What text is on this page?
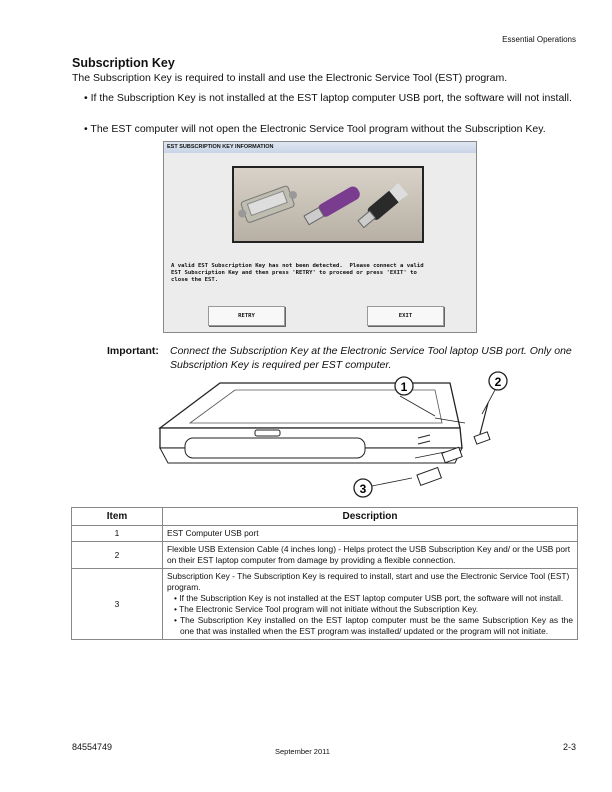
Essential Operations
Subscription Key
The Subscription Key is required to install and use the Electronic Service Tool (EST) program.
• If the Subscription Key is not installed at the EST laptop computer USB port, the software will not install.
• The EST computer will not open the Electronic Service Tool program without the Subscription Key.
EST SUBSCRIPTION KEY INFORMATION
A valid EST Subscription Key has not been detected.  Please connect a valid
EST Subscription Key and then press 'RETRY' to proceed or press 'EXIT' to
close the EST.
RETRY	EXIT
Important: Connect the Subscription Key at the Electronic Service Tool laptop USB port. Only one Subscription Key is required per EST computer.
1	2
3
Item	Description
1	EST Computer USB port
2	Flexible USB Extension Cable (4 inches long) - Helps protect the USB Subscription Key and/ or the USB port on their EST laptop computer from damage by providing a flexible connection.
3	Subscription Key - The Subscription Key is required to install, start and use the Electronic Service Tool (EST) program.
• If the Subscription Key is not installed at the EST laptop computer USB port, the software will not install.
• The Electronic Service Tool program will not initiate without the Subscription Key.
• The Subscription Key installed on the EST laptop computer must be the same Subscription Key as the one that was installed when the EST program was installed/ updated or the program will not initiate.
84554749	September 2011	2-3
